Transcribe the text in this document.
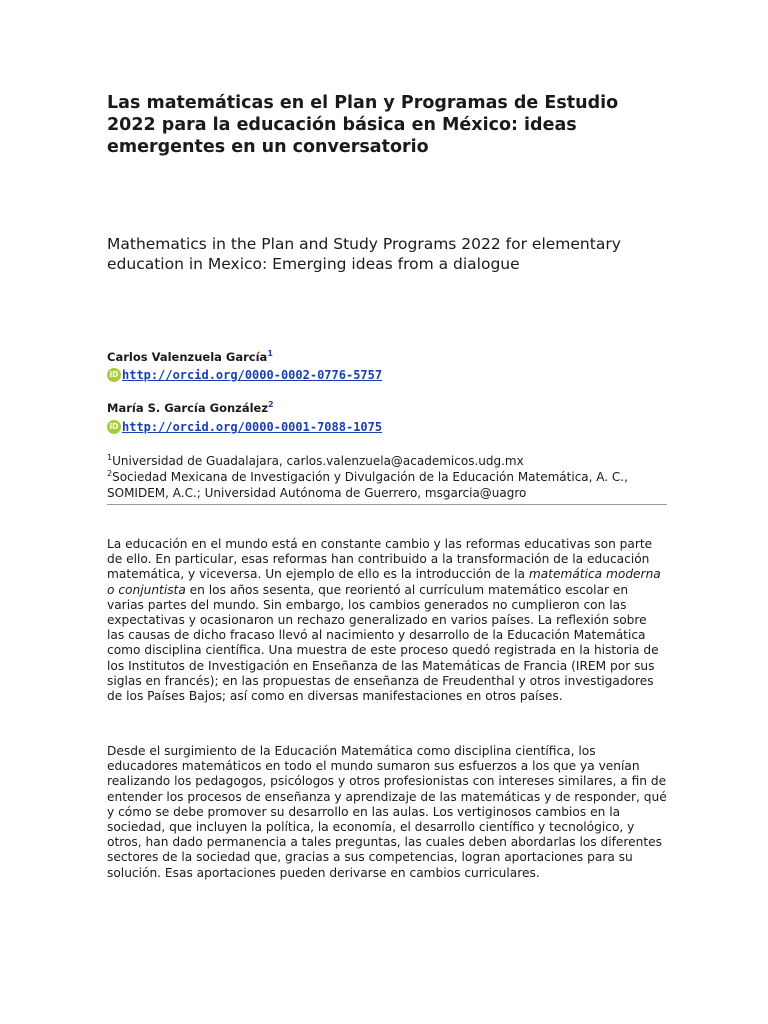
Las matemáticas en el Plan y Programas de Estudio 2022 para la educación básica en México: ideas emergentes en un conversatorio
Mathematics in the Plan and Study Programs 2022 for elementary education in Mexico: Emerging ideas from a dialogue
Carlos Valenzuela García$^1$
iD http://orcid.org/0000-0002-0776-5757
María S. García González$^2$
iD http://orcid.org/0000-0001-7088-1075
$^1$Universidad de Guadalajara, carlos.valenzuela@academicos.udg.mx
$^2$Sociedad Mexicana de Investigación y Divulgación de la Educación Matemática, A. C., SOMIDEM, A.C.; Universidad Autónoma de Guerrero, msgarcia@uagro

La educación en el mundo está en constante cambio y las reformas educativas son parte de ello. En particular, esas reformas han contribuido a la transformación de la educación matemática, y viceversa. Un ejemplo de ello es la introducción de la matemática moderna o conjuntista en los años sesenta, que reorientó al currículum matemático escolar en varias partes del mundo. Sin embargo, los cambios generados no cumplieron con las expectativas y ocasionaron un rechazo generalizado en varios países. La reflexión sobre las causas de dicho fracaso llevó al nacimiento y desarrollo de la Educación Matemática como disciplina científica. Una muestra de este proceso quedó registrada en la historia de los Institutos de Investigación en Enseñanza de las Matemáticas de Francia (IREM por sus siglas en francés); en las propuestas de enseñanza de Freudenthal y otros investigadores de los Países Bajos; así como en diversas manifestaciones en otros países.

Desde el surgimiento de la Educación Matemática como disciplina científica, los educadores matemáticos en todo el mundo sumaron sus esfuerzos a los que ya venían realizando los pedagogos, psicólogos y otros profesionistas con intereses similares, a fin de entender los procesos de enseñanza y aprendizaje de las matemáticas y de responder, qué y cómo se debe promover su desarrollo en las aulas. Los vertiginosos cambios en la sociedad, que incluyen la política, la economía, el desarrollo científico y tecnológico, y otros, han dado permanencia a tales preguntas, las cuales deben abordarlas los diferentes sectores de la sociedad que, gracias a sus competencias, logran aportaciones para su solución. Esas aportaciones pueden derivarse en cambios curriculares.
